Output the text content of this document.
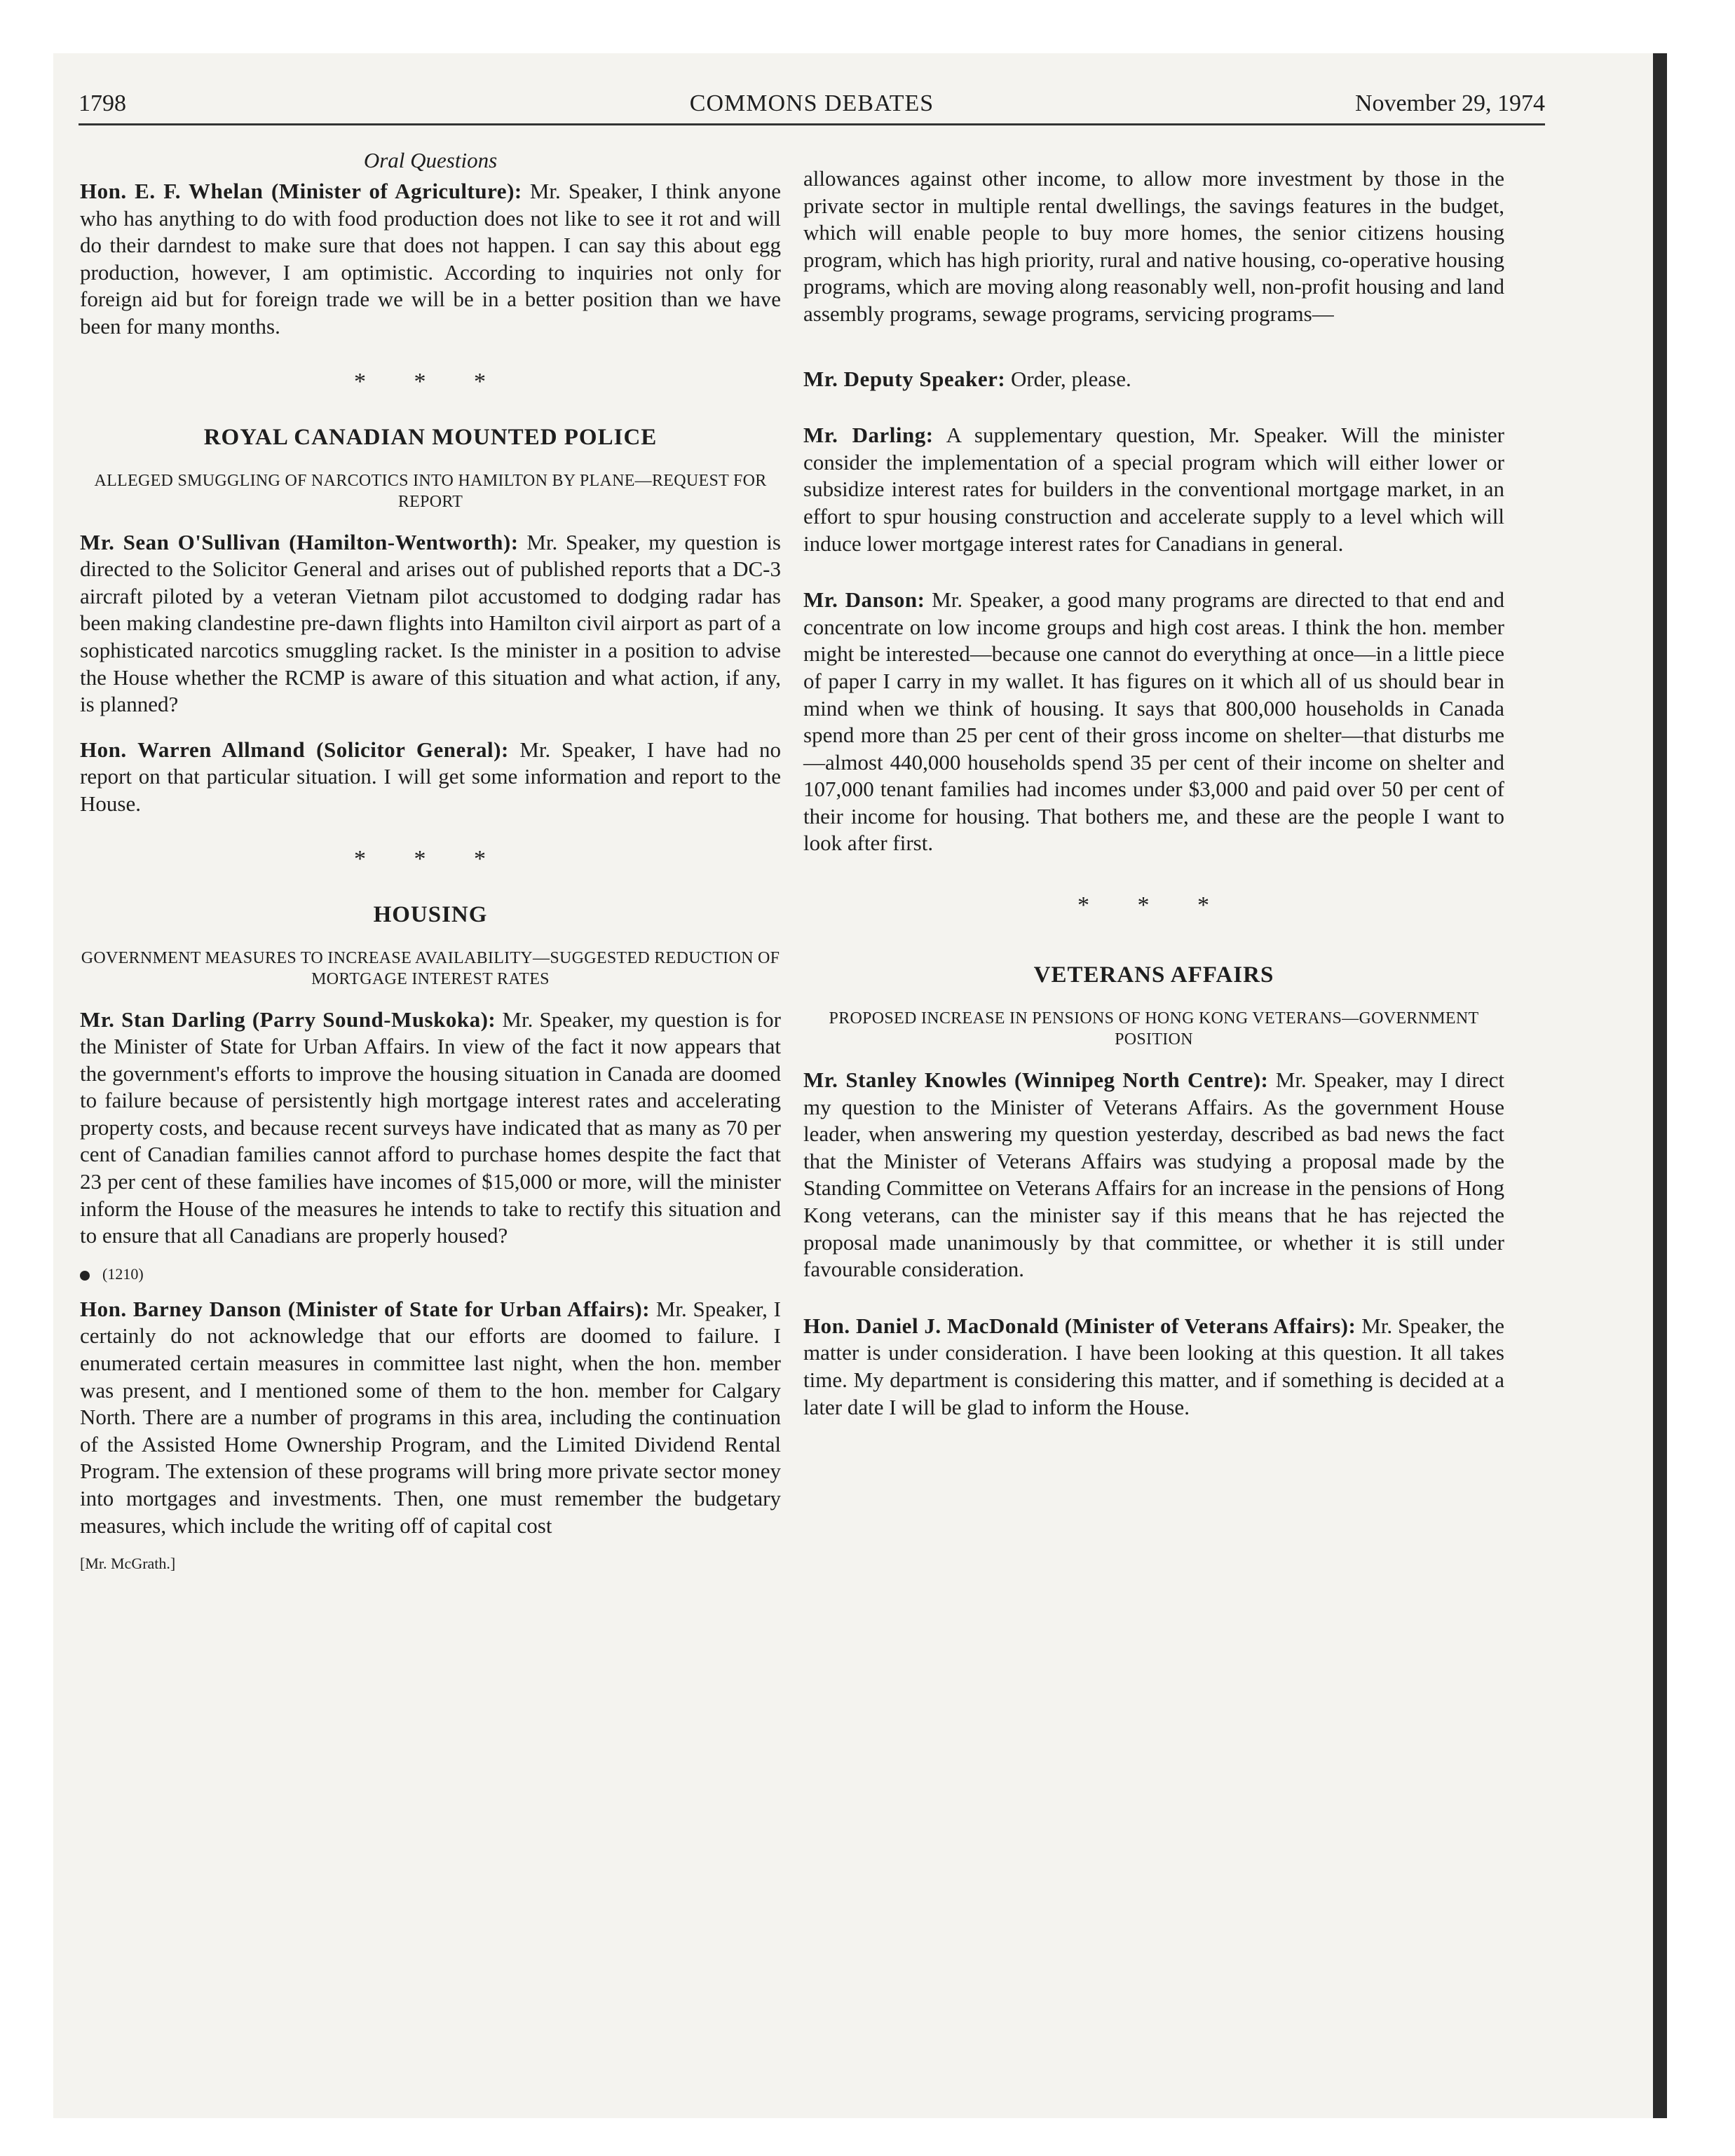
1798	COMMONS DEBATES	November 29, 1974
Oral Questions

Hon. E. F. Whelan (Minister of Agriculture): Mr. Speaker, I think anyone who has anything to do with food production does not like to see it rot and will do their darndest to make sure that does not happen. I can say this about egg production, however, I am optimistic. According to inquiries not only for foreign aid but for foreign trade we will be in a better position than we have been for many months.

* * *
ROYAL CANADIAN MOUNTED POLICE
ALLEGED SMUGGLING OF NARCOTICS INTO HAMILTON BY PLANE—REQUEST FOR REPORT

Mr. Sean O'Sullivan (Hamilton-Wentworth): Mr. Speaker, my question is directed to the Solicitor General and arises out of published reports that a DC-3 aircraft piloted by a veteran Vietnam pilot accustomed to dodging radar has been making clandestine pre-dawn flights into Hamilton civil airport as part of a sophisticated narcotics smuggling racket. Is the minister in a position to advise the House whether the RCMP is aware of this situation and what action, if any, is planned?

Hon. Warren Allmand (Solicitor General): Mr. Speaker, I have had no report on that particular situation. I will get some information and report to the House.

* * *
HOUSING
GOVERNMENT MEASURES TO INCREASE AVAILABILITY—SUGGESTED REDUCTION OF MORTGAGE INTEREST RATES

Mr. Stan Darling (Parry Sound-Muskoka): Mr. Speaker, my question is for the Minister of State for Urban Affairs. In view of the fact it now appears that the government's efforts to improve the housing situation in Canada are doomed to failure because of persistently high mortgage interest rates and accelerating property costs, and because recent surveys have indicated that as many as 70 per cent of Canadian families cannot afford to purchase homes despite the fact that 23 per cent of these families have incomes of $15,000 or more, will the minister inform the House of the measures he intends to take to rectify this situation and to ensure that all Canadians are properly housed?

(1210)

Hon. Barney Danson (Minister of State for Urban Affairs): Mr. Speaker, I certainly do not acknowledge that our efforts are doomed to failure. I enumerated certain measures in committee last night, when the hon. member was present, and I mentioned some of them to the hon. member for Calgary North. There are a number of programs in this area, including the continuation of the Assisted Home Ownership Program, and the Limited Dividend Rental Program. The extension of these programs will bring more private sector money into mortgages and investments. Then, one must remember the budgetary measures, which include the writing off of capital cost

[Mr. McGrath.]

allowances against other income, to allow more investment by those in the private sector in multiple rental dwellings, the savings features in the budget, which will enable people to buy more homes, the senior citizens housing program, which has high priority, rural and native housing, co-operative housing programs, which are moving along reasonably well, non-profit housing and land assembly programs, sewage programs, servicing programs—

Mr. Deputy Speaker: Order, please.

Mr. Darling: A supplementary question, Mr. Speaker. Will the minister consider the implementation of a special program which will either lower or subsidize interest rates for builders in the conventional mortgage market, in an effort to spur housing construction and accelerate supply to a level which will induce lower mortgage interest rates for Canadians in general.

Mr. Danson: Mr. Speaker, a good many programs are directed to that end and concentrate on low income groups and high cost areas. I think the hon. member might be interested—because one cannot do everything at once—in a little piece of paper I carry in my wallet. It has figures on it which all of us should bear in mind when we think of housing. It says that 800,000 households in Canada spend more than 25 per cent of their gross income on shelter—that disturbs me—almost 440,000 households spend 35 per cent of their income on shelter and 107,000 tenant families had incomes under $3,000 and paid over 50 per cent of their income for housing. That bothers me, and these are the people I want to look after first.

* * *
VETERANS AFFAIRS
PROPOSED INCREASE IN PENSIONS OF HONG KONG VETERANS—GOVERNMENT POSITION

Mr. Stanley Knowles (Winnipeg North Centre): Mr. Speaker, may I direct my question to the Minister of Veterans Affairs. As the government House leader, when answering my question yesterday, described as bad news the fact that the Minister of Veterans Affairs was studying a proposal made by the Standing Committee on Veterans Affairs for an increase in the pensions of Hong Kong veterans, can the minister say if this means that he has rejected the proposal made unanimously by that committee, or whether it is still under favourable consideration.

Hon. Daniel J. MacDonald (Minister of Veterans Affairs): Mr. Speaker, the matter is under consideration. I have been looking at this question. It all takes time. My department is considering this matter, and if something is decided at a later date I will be glad to inform the House.
